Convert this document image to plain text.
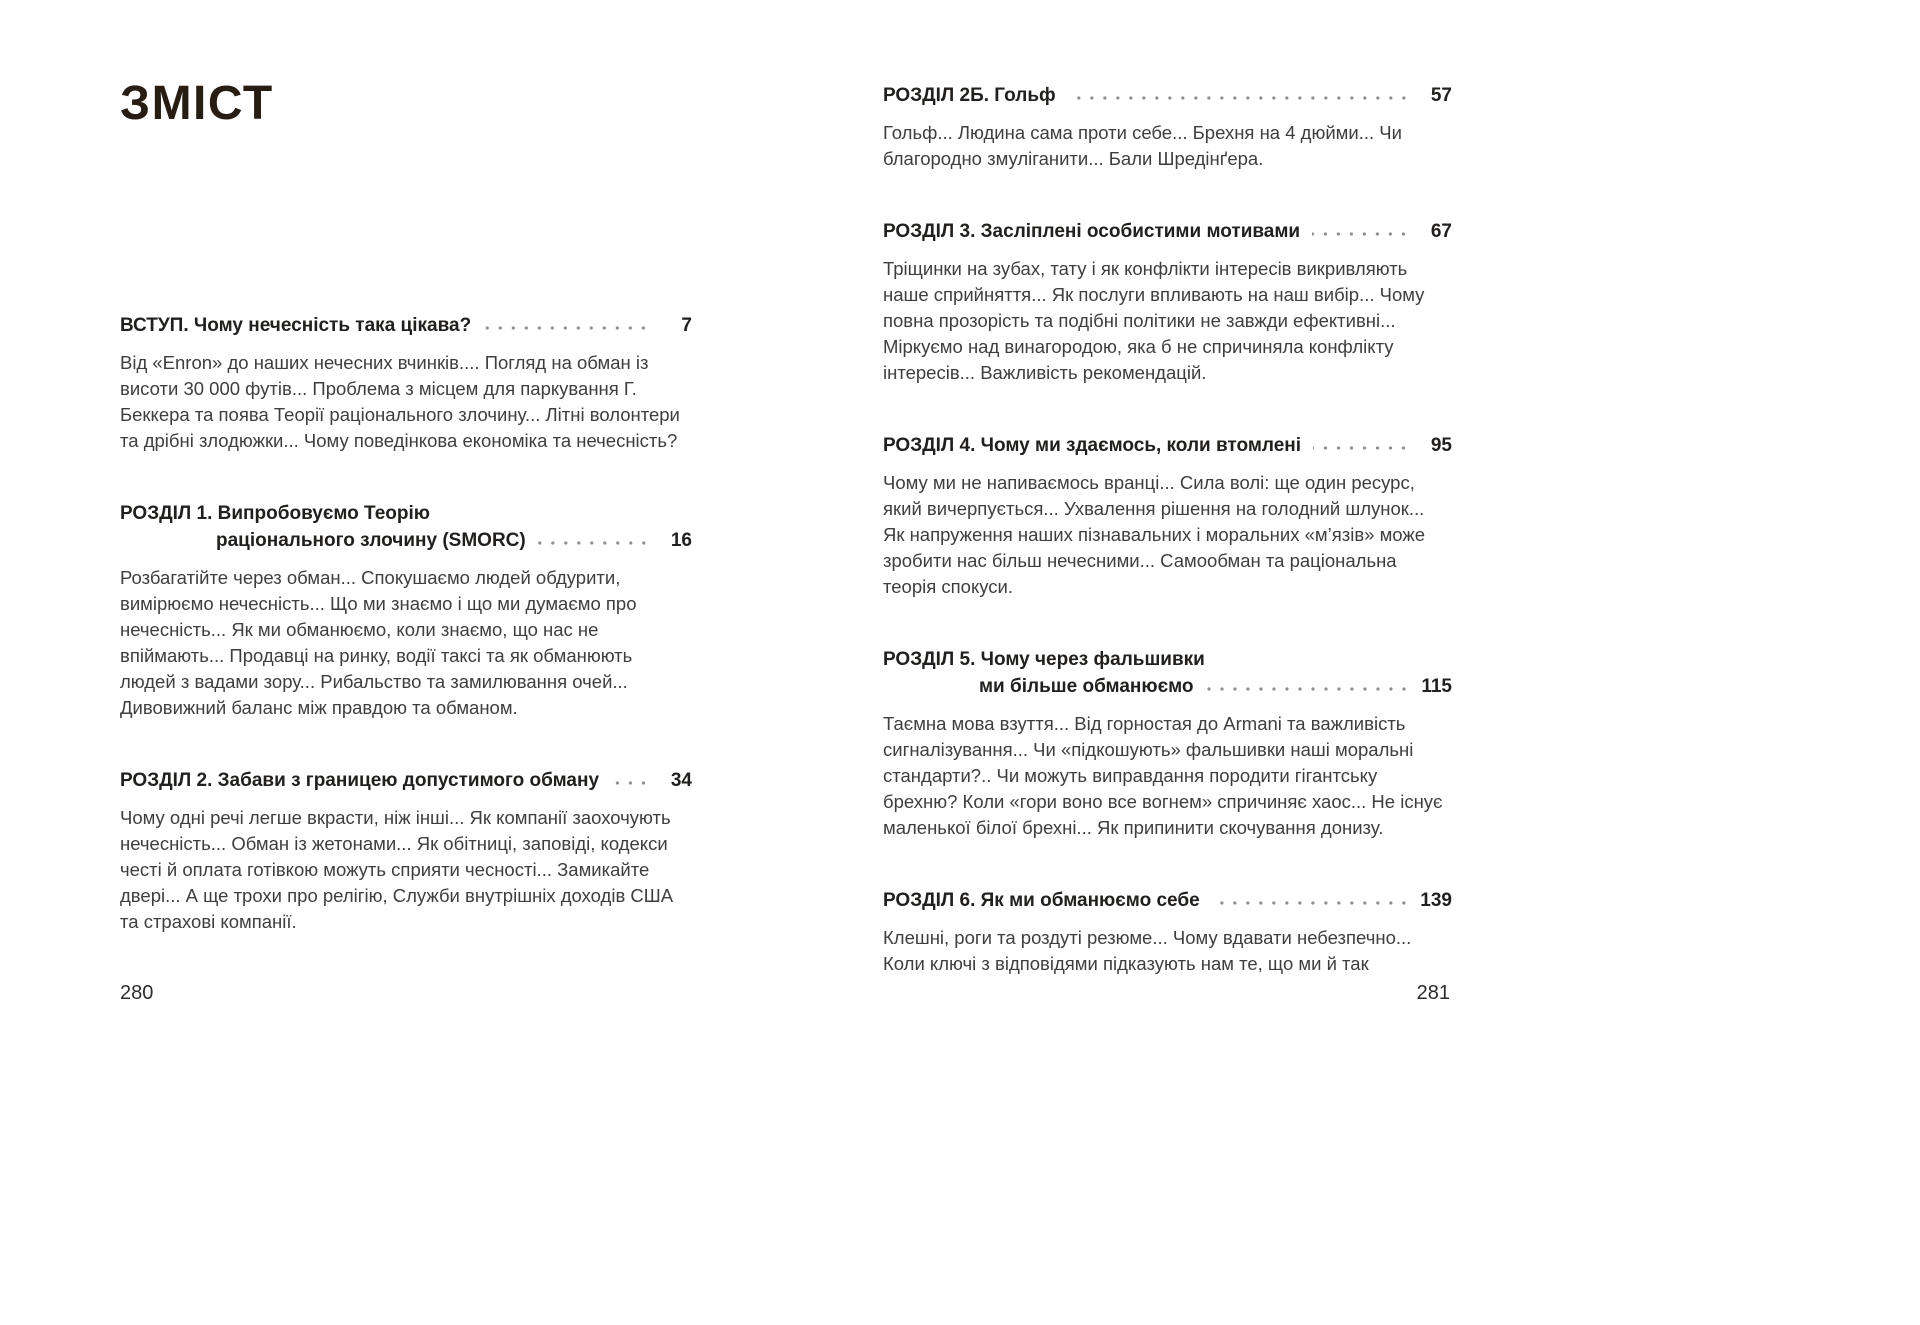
ЗМІСТ
ВСТУП. Чому нечесність така цікава?	7

Від «Enron» до наших нечесних вчинків.... Погляд на обман із висоти 30 000 футів... Проблема з місцем для паркування Г. Беккера та поява Теорії раціонального злочину... Літні волонтери та дрібні злодюжки... Чому поведінкова економіка та нечесність?

РОЗДІЛ 1. Випробовуємо Теорію
раціонального злочину (SMORC)	16

Розбагатійте через обман... Спокушаємо людей обдурити, вимірюємо нечесність... Що ми знаємо і що ми думаємо про нечесність... Як ми обманюємо, коли знаємо, що нас не впіймають... Продавці на ринку, водії таксі та як обманюють людей з вадами зору... Рибальство та замилювання очей... Дивовижний баланс між правдою та обманом.

РОЗДІЛ 2. Забави з границею допустимого обману	34

Чому одні речі легше вкрасти, ніж інші... Як компанії заохочують нечесність... Обман із жетонами... Як обітниці, заповіді, кодекси честі й оплата готівкою можуть сприяти чесності... Замикайте двері... А ще трохи про релігію, Служби внутрішніх доходів США та страхові компанії.

280
РОЗДІЛ 2Б. Гольф	57

Гольф... Людина сама проти себе... Брехня на 4 дюйми... Чи благородно змуліганити... Бали Шредінґера.

РОЗДІЛ 3. Засліплені особистими мотивами	67

Тріщинки на зубах, тату і як конфлікти інтересів викривляють наше сприйняття... Як послуги впливають на наш вибір... Чому повна прозорість та подібні політики не завжди ефективні... Міркуємо над винагородою, яка б не спричиняла конфлікту інтересів... Важливість рекомендацій.

РОЗДІЛ 4. Чому ми здаємось, коли втомлені	95

Чому ми не напиваємось вранці... Сила волі: ще один ресурс, який вичерпується... Ухвалення рішення на голодний шлунок... Як напруження наших пізнавальних і моральних «м’язів» може зробити нас більш нечесними... Самообман та раціональна теорія спокуси.

РОЗДІЛ 5. Чому через фальшивки
ми більше обманюємо	115

Таємна мова взуття... Від горностая до Armani та важливість сигналізування... Чи «підкошують» фальшивки наші моральні стандарти?.. Чи можуть виправдання породити гігантську брехню? Коли «гори воно все вогнем» спричиняє хаос... Не існує маленької білої брехні... Як припинити скочування донизу.

РОЗДІЛ 6. Як ми обманюємо себе	139

Клешні, роги та роздуті резюме... Чому вдавати небезпечно... Коли ключі з відповідями підказують нам те, що ми й так

281
